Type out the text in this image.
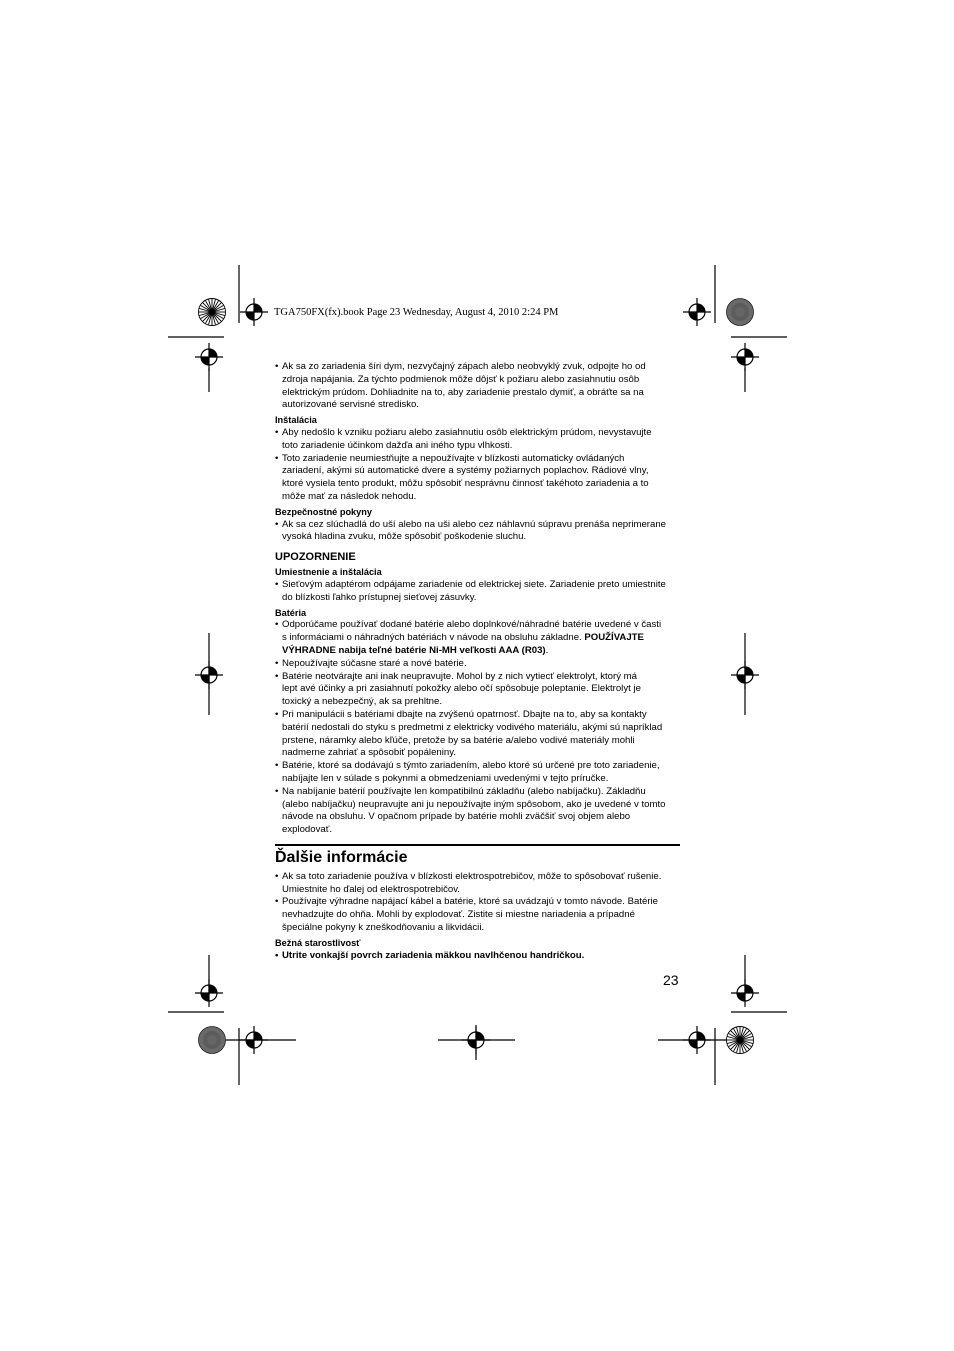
TGA750FX(fx).book Page 23 Wednesday, August 4, 2010 2:24 PM
• Ak sa zo zariadenia šíri dym, nezvyčajný zápach alebo neobvyklý zvuk, odpojte ho od
zdroja napájania. Za týchto podmienok môže dôjsť k požiaru alebo zasiahnutiu osôb
elektrickým prúdom. Dohliadnite na to, aby zariadenie prestalo dymiť, a obráťte sa na
autorizované servisné stredisko.
Inštalácia
• Aby nedošlo k vzniku požiaru alebo zasiahnutiu osôb elektrickým prúdom, nevystavujte
toto zariadenie účinkom dažďa ani iného typu vlhkosti.
• Toto zariadenie neumiestňujte a nepoužívajte v blízkosti automaticky ovládaných
zariadení, akými sú automatické dvere a systémy požiarnych poplachov. Rádiové vlny,
ktoré vysiela tento produkt, môžu spôsobiť nesprávnu činnosť takéhoto zariadenia a to
môže mať za následok nehodu.
Bezpečnostné pokyny
• Ak sa cez slúchadlá do uší alebo na uši alebo cez náhlavnú súpravu prenáša neprimerane
vysoká hladina zvuku, môže spôsobiť poškodenie sluchu.
UPOZORNENIE
Umiestnenie a inštalácia
• Sieťovým adaptérom odpájame zariadenie od elektrickej siete. Zariadenie preto umiestnite
do blízkosti ľahko prístupnej sieťovej zásuvky.
Batéria
• Odporúčame používať dodané batérie alebo doplnkové/náhradné batérie uvedené v časti
s informáciami o náhradných batériách v návode na obsluhu základne. POUŽÍVAJTE
VÝHRADNE nabija teľné batérie Ni-MH veľkosti AAA (R03).
• Nepoužívajte súčasne staré a nové batérie.
• Batérie neotvárajte ani inak neupravujte. Mohol by z nich vytiecť elektrolyt, ktorý má
lept avé účinky a pri zasiahnutí pokožky alebo očí spôsobuje poleptanie. Elektrolyt je
toxický a nebezpečný, ak sa prehltne.
• Pri manipulácii s batériami dbajte na zvýšenú opatrnosť. Dbajte na to, aby sa kontakty
batérií nedostali do styku s predmetmi z elektricky vodivého materiálu, akými sú napríklad
prstene, náramky alebo kľúče, pretože by sa batérie a/alebo vodivé materiály mohli
nadmerne zahriať a spôsobiť popáleniny.
• Batérie, ktoré sa dodávajú s týmto zariadením, alebo ktoré sú určené pre toto zariadenie,
nabíjajte len v súlade s pokynmi a obmedzeniami uvedenými v tejto príručke.
• Na nabíjanie batérií používajte len kompatibilnú základňu (alebo nabíjačku). Základňu
(alebo nabíjačku) neupravujte ani ju nepoužívajte iným spôsobom, ako je uvedené v tomto
návode na obsluhu. V opačnom prípade by batérie mohli zväčšiť svoj objem alebo
explodovať.
Ďalšie informácie
• Ak sa toto zariadenie používa v blízkosti elektrospotrebičov, môže to spôsobovať rušenie.
Umiestnite ho ďalej od elektrospotrebičov.
• Používajte výhradne napájací kábel a batérie, ktoré sa uvádzajú v tomto návode. Batérie
nevhadzujte do ohňa. Mohli by explodovať. Zistite si miestne nariadenia a prípadné
špeciálne pokyny k zneškodňovaniu a likvidácii.
Bežná starostlivosť
• Utrite vonkajší povrch zariadenia mäkkou navlhčenou handričkou.
23
